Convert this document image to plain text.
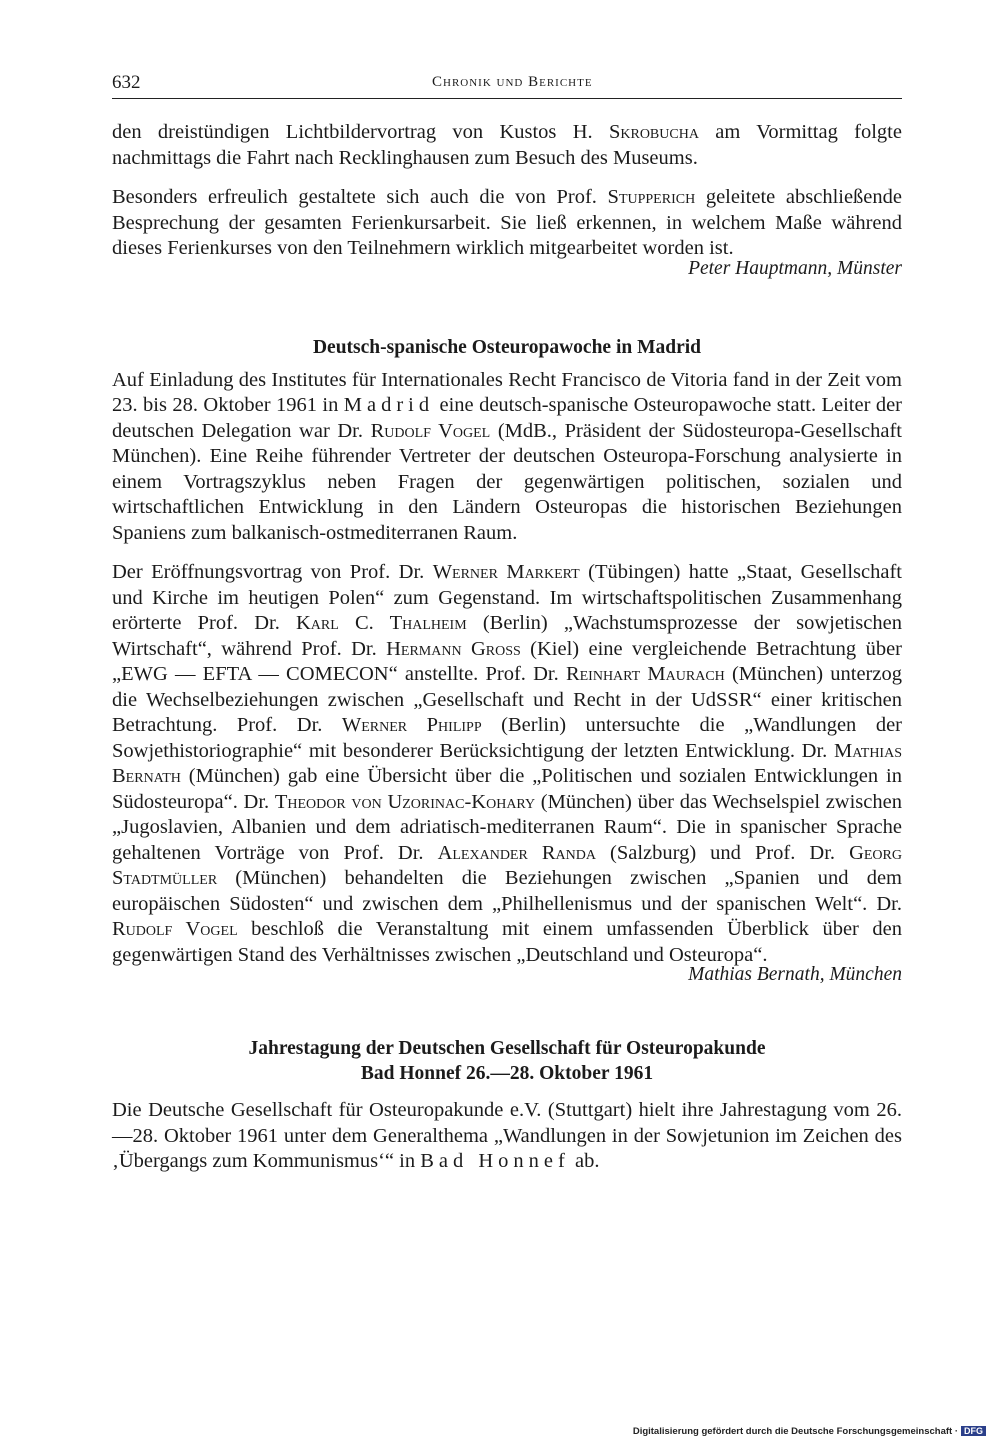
632	Chronik und Berichte

den dreistündigen Lichtbildervortrag von Kustos H. Skrobucha am Vormittag folgte nachmittags die Fahrt nach Recklinghausen zum Besuch des Museums.

Besonders erfreulich gestaltete sich auch die von Prof. Stupperich geleitete abschließende Besprechung der gesamten Ferienkursarbeit. Sie ließ erkennen, in welchem Maße während dieses Ferienkurses von den Teilnehmern wirklich mitgearbeitet worden ist.

Peter Hauptmann, Münster
Deutsch-spanische Osteuropawoche in Madrid

Auf Einladung des Institutes für Internationales Recht Francisco de Vitoria fand in der Zeit vom 23. bis 28. Oktober 1961 in Madrid eine deutsch-spanische Osteuropawoche statt. Leiter der deutschen Delegation war Dr. Rudolf Vogel (MdB., Präsident der Südosteuropa-Gesellschaft München). Eine Reihe führender Vertreter der deutschen Osteuropa-Forschung analysierte in einem Vortragszyklus neben Fragen der gegenwärtigen politischen, sozialen und wirtschaftlichen Entwicklung in den Ländern Osteuropas die historischen Beziehungen Spaniens zum balkanisch-ostmediterranen Raum.

Der Eröffnungsvortrag von Prof. Dr. Werner Markert (Tübingen) hatte „Staat, Gesellschaft und Kirche im heutigen Polen“ zum Gegenstand. Im wirtschaftspolitischen Zusammenhang erörterte Prof. Dr. Karl C. Thalheim (Berlin) „Wachstumsprozesse der sowjetischen Wirtschaft“, während Prof. Dr. Hermann Gross (Kiel) eine vergleichende Betrachtung über „EWG — EFTA — COMECON“ anstellte. Prof. Dr. Reinhart Maurach (München) unterzog die Wechselbeziehungen zwischen „Gesellschaft und Recht in der UdSSR“ einer kritischen Betrachtung. Prof. Dr. Werner Philipp (Berlin) untersuchte die „Wandlungen der Sowjethistoriographie“ mit besonderer Berücksichtigung der letzten Entwicklung. Dr. Mathias Bernath (München) gab eine Übersicht über die „Politischen und sozialen Entwicklungen in Südosteuropa“. Dr. Theodor von Uzorinac-Kohary (München) über das Wechselspiel zwischen „Jugoslavien, Albanien und dem adriatisch-mediterranen Raum“. Die in spanischer Sprache gehaltenen Vorträge von Prof. Dr. Alexander Randa (Salzburg) und Prof. Dr. Georg Stadtmüller (München) behandelten die Beziehungen zwischen „Spanien und dem europäischen Südosten“ und zwischen dem „Philhellenismus und der spanischen Welt“. Dr. Rudolf Vogel beschloß die Veranstaltung mit einem umfassenden Überblick über den gegenwärtigen Stand des Verhältnisses zwischen „Deutschland und Osteuropa“.

Mathias Bernath, München
Jahrestagung der Deutschen Gesellschaft für Osteuropakunde
Bad Honnef 26.—28. Oktober 1961

Die Deutsche Gesellschaft für Osteuropakunde e.V. (Stuttgart) hielt ihre Jahrestagung vom 26.—28. Oktober 1961 unter dem Generalthema „Wandlungen in der Sowjetunion im Zeichen des ‚Übergangs zum Kommunismus‘“ in Bad Honnef ab.

Digitalisierung gefördert durch die Deutsche Forschungsgemeinschaft · DFG
